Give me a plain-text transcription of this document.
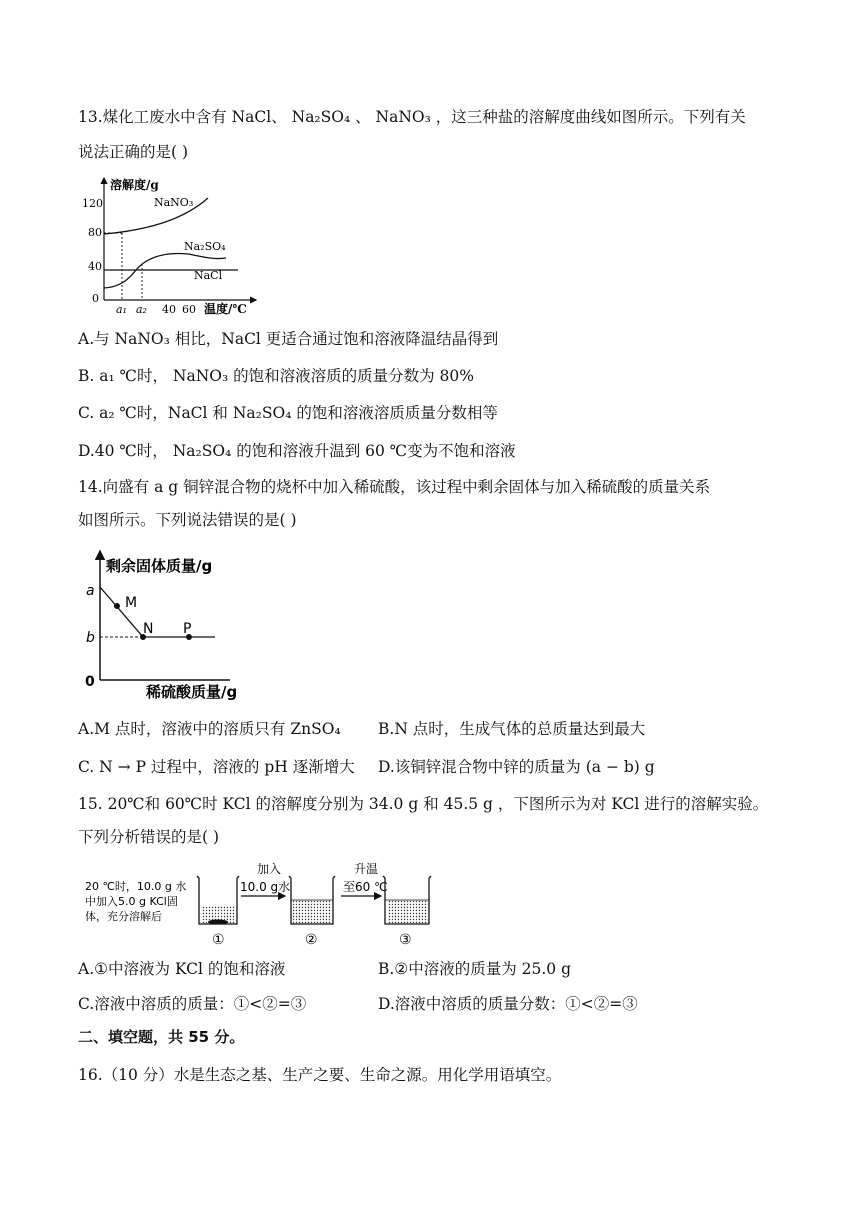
13.煤化工废水中含有 NaCl、 Na₂SO₄ 、 NaNO₃ ，这三种盐的溶解度曲线如图所示。下列有关
说法正确的是( )
溶解度/g
温度/℃
120
80
40
0
NaNO₃
Na₂SO₄
NaCl
a₁ a₂ 40 60
A.与 NaNO₃ 相比，NaCl 更适合通过饱和溶液降温结晶得到
B. a₁ ℃时， NaNO₃ 的饱和溶液溶质的质量分数为 80%
C. a₂ ℃时，NaCl 和 Na₂SO₄ 的饱和溶液溶质质量分数相等
D.40 ℃时， Na₂SO₄ 的饱和溶液升温到 60 ℃变为不饱和溶液
14.向盛有 a g 铜锌混合物的烧杯中加入稀硫酸，该过程中剩余固体与加入稀硫酸的质量关系
如图所示。下列说法错误的是( )
剩余固体质量/g
稀硫酸质量/g
a
b
0
M
N P
A.M 点时，溶液中的溶质只有 ZnSO₄ B.N 点时，生成气体的总质量达到最大
C. N → P 过程中，溶液的 pH 逐渐增大 D.该铜锌混合物中锌的质量为 (a − b) g
15. 20℃和 60℃时 KCl 的溶解度分别为 34.0 g 和 45.5 g ，下图所示为对 KCl 进行的溶解实验。
下列分析错误的是( )
20 ℃时，10.0 g 水
中加入5.0 g KCl固
体，充分溶解后
①
加入
10.0 g水
②
升温
至60 ℃
③
A.①中溶液为 KCl 的饱和溶液	B.②中溶液的质量为 25.0 g
C.溶液中溶质的质量：①<②=③	D.溶液中溶质的质量分数：①<②=③
二、填空题，共 55 分。
16.（10 分）水是生态之基、生产之要、生命之源。用化学用语填空。
